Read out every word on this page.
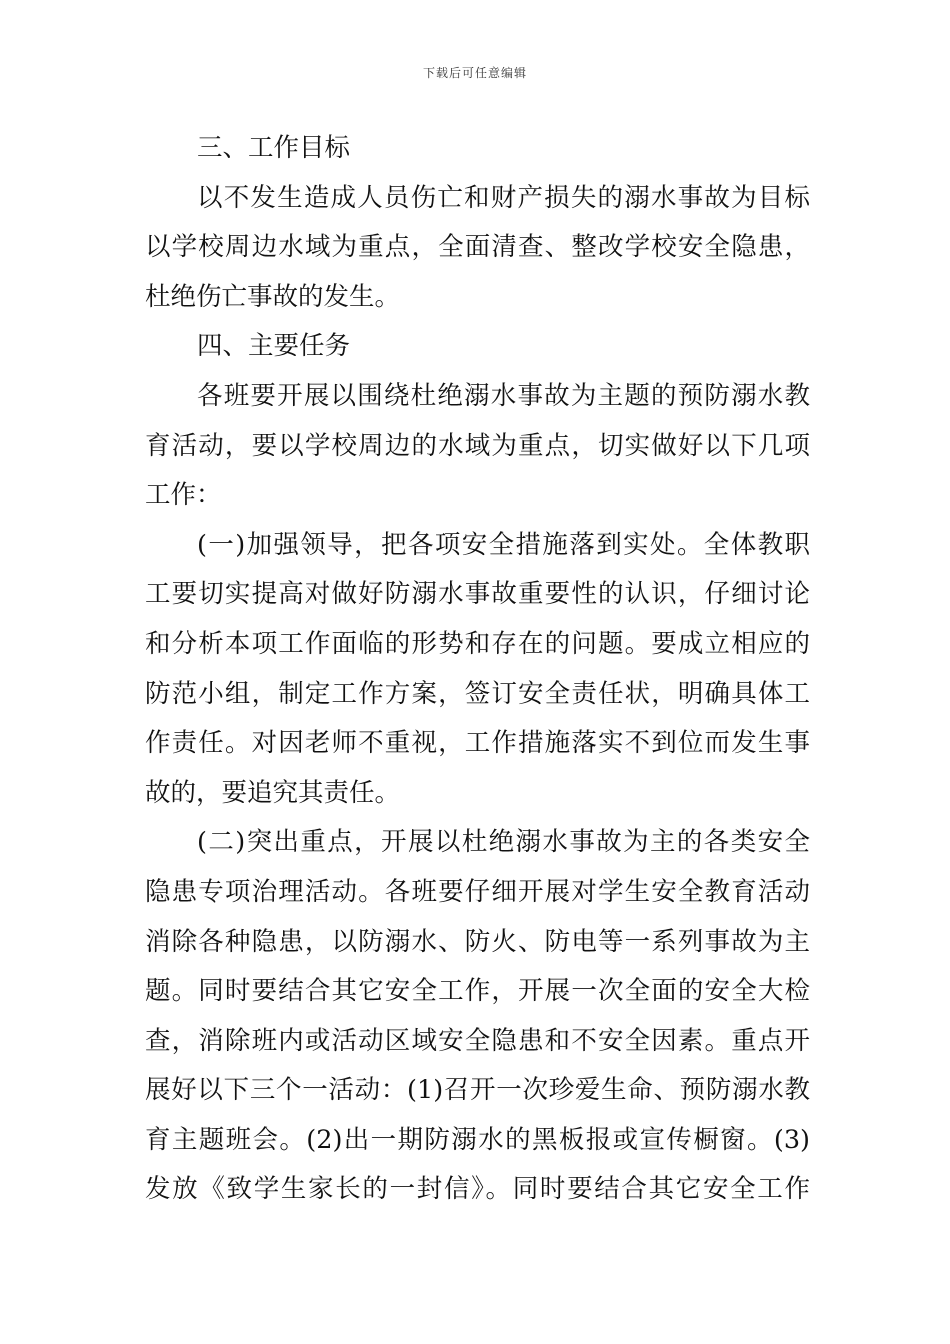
下载后可任意编辑
三、工作目标
以不发生造成人员伤亡和财产损失的溺水事故为目标
以学校周边水域为重点，全面清查、整改学校安全隐患，
杜绝伤亡事故的发生。
四、主要任务
各班要开展以围绕杜绝溺水事故为主题的预防溺水教
育活动，要以学校周边的水域为重点，切实做好以下几项
工作：
(一)加强领导，把各项安全措施落到实处。全体教职
工要切实提高对做好防溺水事故重要性的认识，仔细讨论
和分析本项工作面临的形势和存在的问题。要成立相应的
防范小组，制定工作方案，签订安全责任状，明确具体工
作责任。对因老师不重视，工作措施落实不到位而发生事
故的，要追究其责任。
(二)突出重点，开展以杜绝溺水事故为主的各类安全
隐患专项治理活动。各班要仔细开展对学生安全教育活动
消除各种隐患，以防溺水、防火、防电等一系列事故为主
题。同时要结合其它安全工作，开展一次全面的安全大检
查，消除班内或活动区域安全隐患和不安全因素。重点开
展好以下三个一活动：(1)召开一次珍爱生命、预防溺水教
育主题班会。(2)出一期防溺水的黑板报或宣传橱窗。(3)
发放《致学生家长的一封信》。同时要结合其它安全工作
